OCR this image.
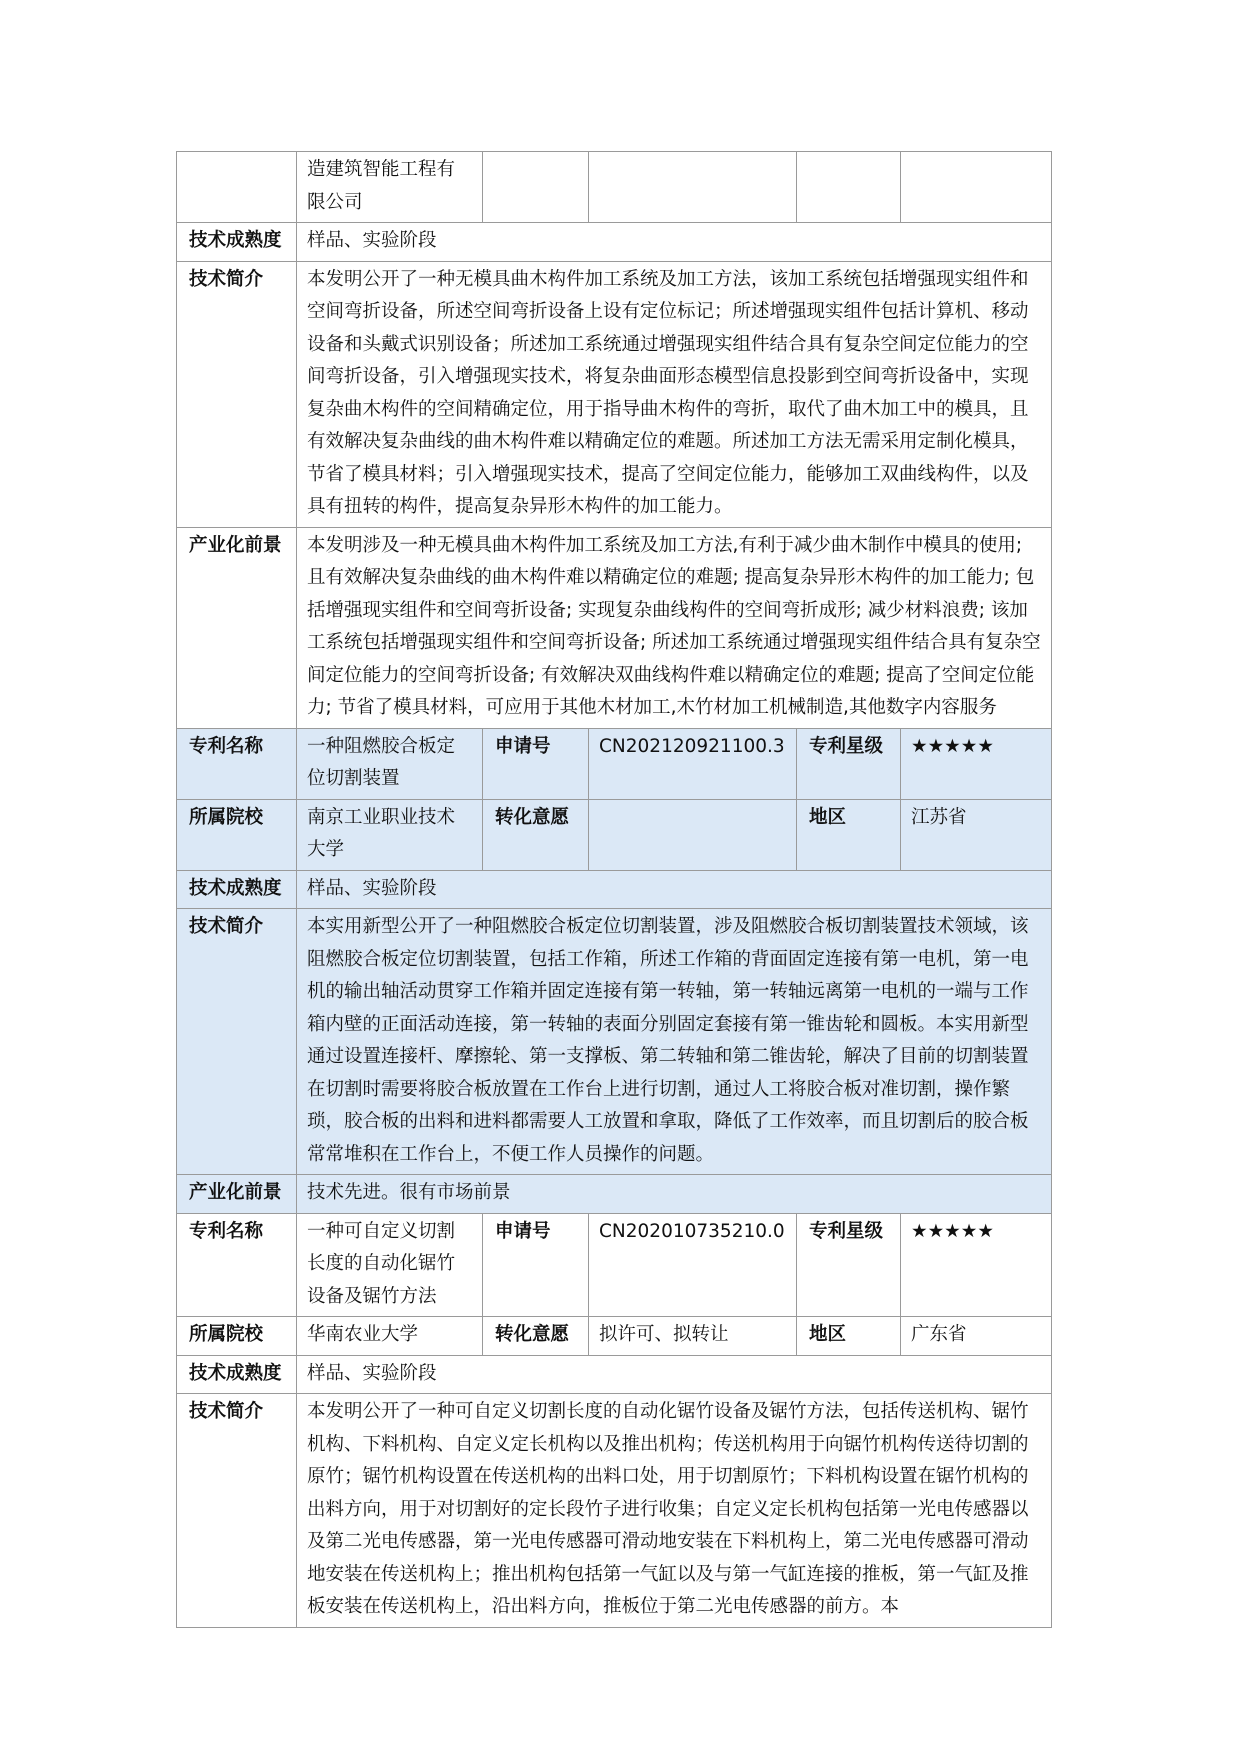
	造建筑智能工程有限公司				
技术成熟度	样品、实验阶段				
技术简介	本发明公开了一种无模具曲木构件加工系统及加工方法，该加工系统包括增强现实组件和空间弯折设备，所述空间弯折设备上设有定位标记；所述增强现实组件包括计算机、移动设备和头戴式识别设备；所述加工系统通过增强现实组件结合具有复杂空间定位能力的空间弯折设备，引入增强现实技术，将复杂曲面形态模型信息投影到空间弯折设备中，实现复杂曲木构件的空间精确定位，用于指导曲木构件的弯折，取代了曲木加工中的模具，且有效解决复杂曲线的曲木构件难以精确定位的难题。所述加工方法无需采用定制化模具，节省了模具材料；引入增强现实技术，提高了空间定位能力，能够加工双曲线构件，以及具有扭转的构件，提高复杂异形木构件的加工能力。				
产业化前景	本发明涉及一种无模具曲木构件加工系统及加工方法,有利于减少曲木制作中模具的使用; 且有效解决复杂曲线的曲木构件难以精确定位的难题; 提高复杂异形木构件的加工能力; 包括增强现实组件和空间弯折设备; 实现复杂曲线构件的空间弯折成形; 减少材料浪费; 该加工系统包括增强现实组件和空间弯折设备; 所述加工系统通过增强现实组件结合具有复杂空间定位能力的空间弯折设备; 有效解决双曲线构件难以精确定位的难题; 提高了空间定位能力; 节省了模具材料，可应用于其他木材加工,木竹材加工机械制造,其他数字内容服务				
专利名称	一种阻燃胶合板定位切割装置	申请号	CN202120921100.3	专利星级	★★★★★
所属院校	南京工业职业技术大学	转化意愿		地区	江苏省
技术成熟度	样品、实验阶段				
技术简介	本实用新型公开了一种阻燃胶合板定位切割装置，涉及阻燃胶合板切割装置技术领域，该阻燃胶合板定位切割装置，包括工作箱，所述工作箱的背面固定连接有第一电机，第一电机的输出轴活动贯穿工作箱并固定连接有第一转轴，第一转轴远离第一电机的一端与工作箱内壁的正面活动连接，第一转轴的表面分别固定套接有第一锥齿轮和圆板。本实用新型通过设置连接杆、摩擦轮、第一支撑板、第二转轴和第二锥齿轮，解决了目前的切割装置在切割时需要将胶合板放置在工作台上进行切割，通过人工将胶合板对准切割，操作繁琐，胶合板的出料和进料都需要人工放置和拿取，降低了工作效率，而且切割后的胶合板常常堆积在工作台上，不便工作人员操作的问题。				
产业化前景	技术先进。很有市场前景				
专利名称	一种可自定义切割长度的自动化锯竹设备及锯竹方法	申请号	CN202010735210.0	专利星级	★★★★★
所属院校	华南农业大学	转化意愿	拟许可、拟转让	地区	广东省
技术成熟度	样品、实验阶段				
技术简介	本发明公开了一种可自定义切割长度的自动化锯竹设备及锯竹方法，包括传送机构、锯竹机构、下料机构、自定义定长机构以及推出机构；传送机构用于向锯竹机构传送待切割的原竹；锯竹机构设置在传送机构的出料口处，用于切割原竹；下料机构设置在锯竹机构的出料方向，用于对切割好的定长段竹子进行收集；自定义定长机构包括第一光电传感器以及第二光电传感器，第一光电传感器可滑动地安装在下料机构上，第二光电传感器可滑动地安装在传送机构上；推出机构包括第一气缸以及与第一气缸连接的推板，第一气缸及推板安装在传送机构上，沿出料方向，推板位于第二光电传感器的前方。本				
